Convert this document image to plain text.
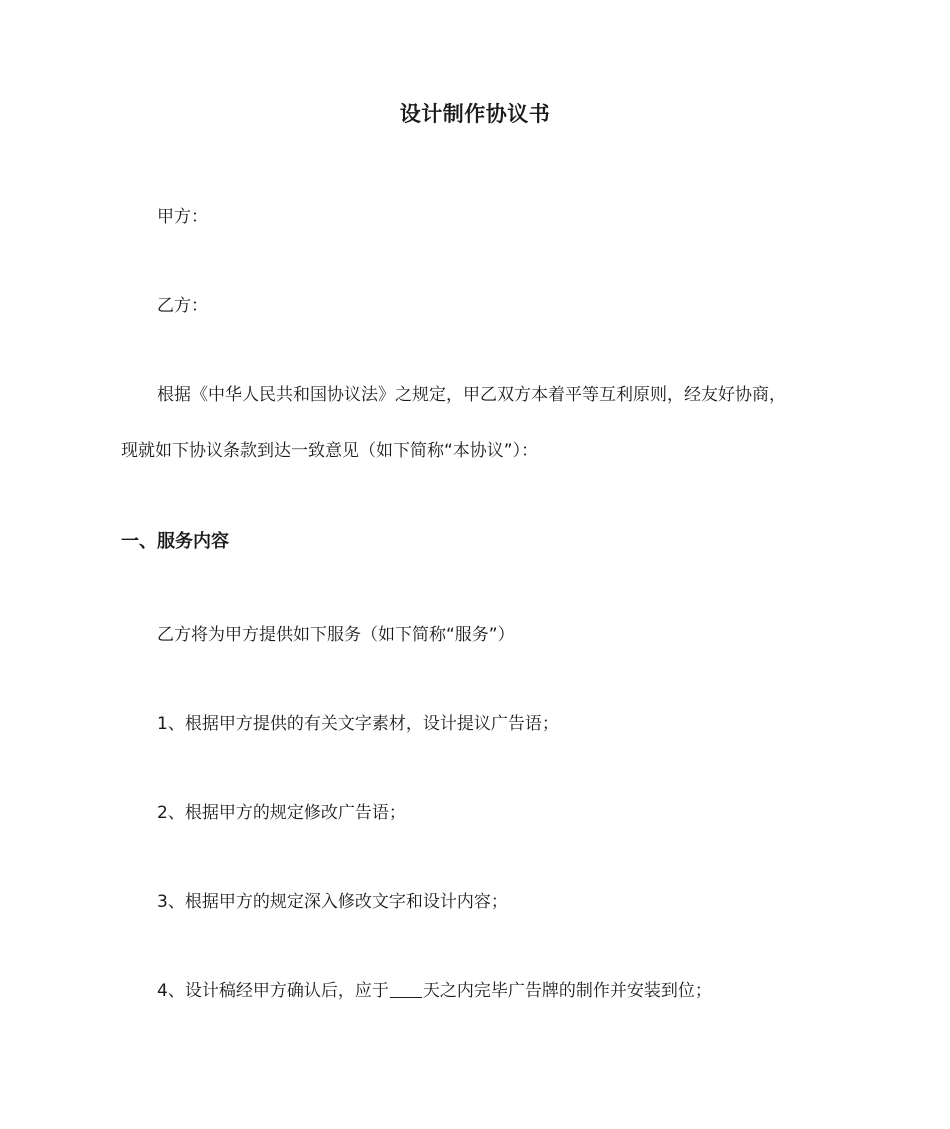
设计制作协议书
甲方：
乙方：
根据《中华人民共和国协议法》之规定，甲乙双方本着平等互利原则，经友好协商，
现就如下协议条款到达一致意见（如下简称“本协议”）：
一、服务内容
乙方将为甲方提供如下服务（如下简称“服务”）
1、根据甲方提供的有关文字素材，设计提议广告语；
2、根据甲方的规定修改广告语；
3、根据甲方的规定深入修改文字和设计内容；
4、设计稿经甲方确认后，应于 天之内完毕广告牌的制作并安装到位；
